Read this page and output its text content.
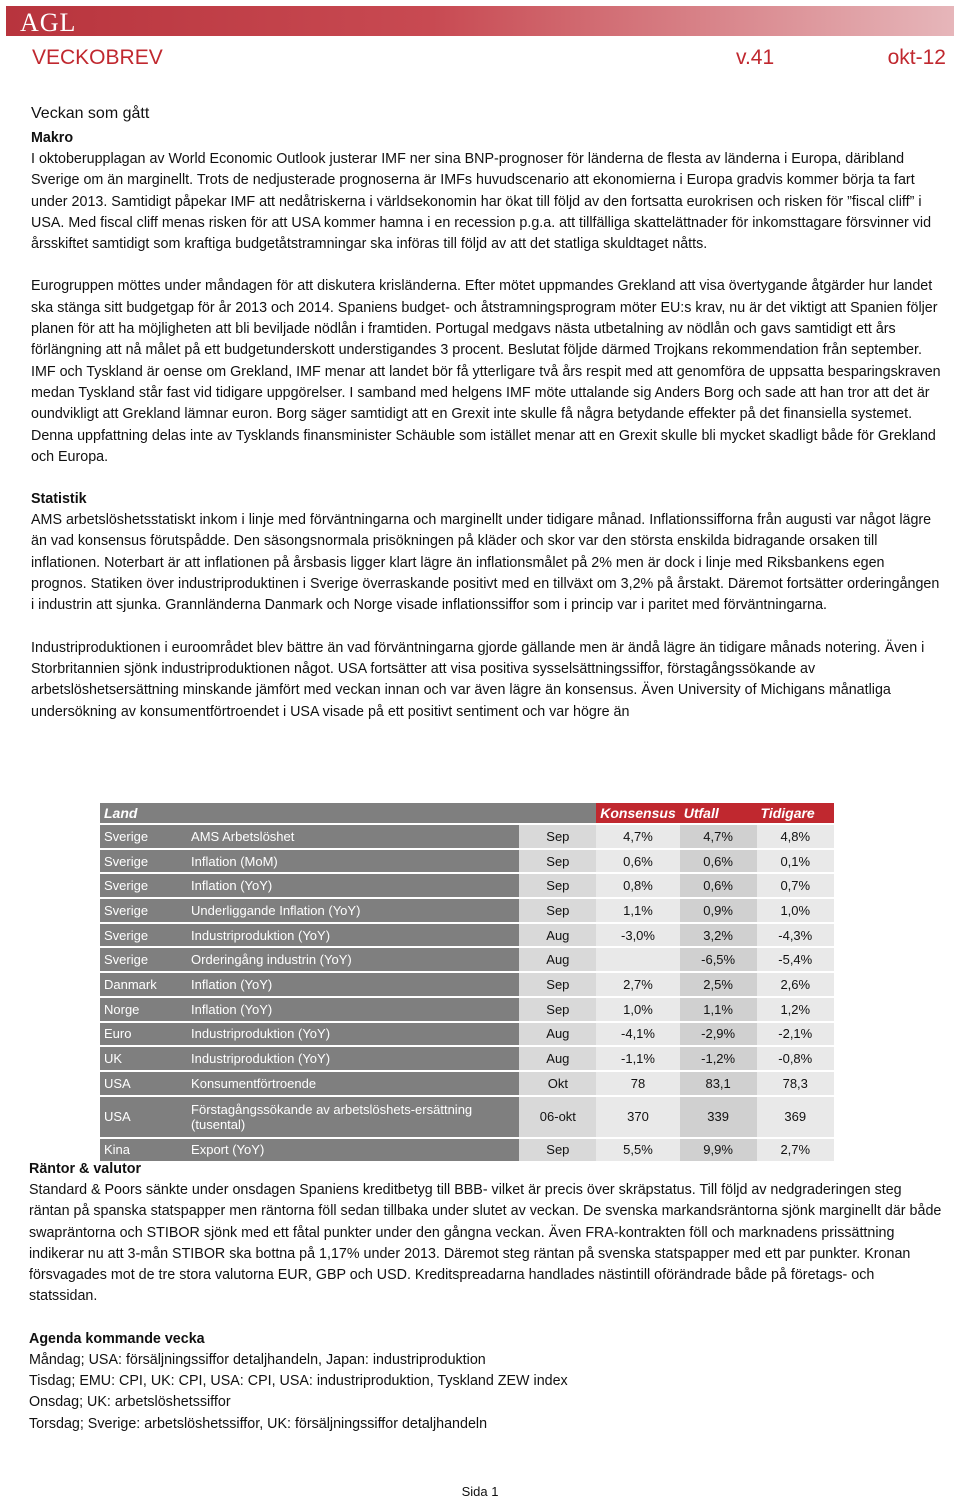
AGL
VECKOBREV	v.41	okt-12
Veckan som gått
Makro

I oktoberupplagan av World Economic Outlook justerar IMF ner sina BNP-prognoser för länderna de flesta av länderna i Europa, däribland Sverige om än marginellt. Trots de nedjusterade prognoserna är IMFs huvudscenario att ekonomierna i Europa gradvis kommer börja ta fart under 2013. Samtidigt påpekar IMF att nedåtriskerna i världsekonomin har ökat till följd av den fortsatta eurokrisen och risken för ”fiscal cliff” i USA. Med fiscal cliff menas risken för att USA kommer hamna i en recession p.g.a. att tillfälliga skattelättnader för inkomsttagare försvinner vid årsskiftet samtidigt som kraftiga budgetåtstramningar ska införas till följd av att det statliga skuldtaget nåtts.

Eurogruppen möttes under måndagen för att diskutera krisländerna. Efter mötet uppmandes Grekland att visa övertygande åtgärder hur landet ska stänga sitt budgetgap för år 2013 och 2014. Spaniens budget- och åtstramningsprogram möter EU:s krav, nu är det viktigt att Spanien följer planen för att ha möjligheten att bli beviljade nödlån i framtiden. Portugal medgavs nästa utbetalning av nödlån och gavs samtidigt ett års förlängning att nå målet på ett budgetunderskott understigandes 3 procent. Beslutat följde därmed Trojkans rekommendation från september. IMF och Tyskland är oense om Grekland, IMF menar att landet bör få ytterligare två års respit med att genomföra de uppsatta besparingskraven medan Tyskland står fast vid tidigare uppgörelser. I samband med helgens IMF möte uttalande sig Anders Borg och sade att han tror att det är oundvikligt att Grekland lämnar euron. Borg säger samtidigt att en Grexit inte skulle få några betydande effekter på det finansiella systemet. Denna uppfattning delas inte av Tysklands finansminister Schäuble som istället menar att en Grexit skulle bli mycket skadligt både för Grekland och Europa.

Statistik

AMS arbetslöshetsstatiskt inkom i linje med förväntningarna och marginellt under tidigare månad. Inflationssifforna från augusti var något lägre än vad konsensus förutspådde. Den säsongsnormala prisökningen på kläder och skor var den största enskilda bidragande orsaken till inflationen. Noterbart är att inflationen på årsbasis ligger klart lägre än inflationsmålet på 2% men är dock i linje med Riksbankens egen prognos. Statiken över industriproduktinen i Sverige överraskande positivt med en tillväxt om 3,2% på årstakt. Däremot fortsätter orderingången i industrin att sjunka. Grannländerna Danmark och Norge visade inflationssiffor som i princip var i paritet med förväntningarna.

Industriproduktionen i euroområdet blev bättre än vad förväntningarna gjorde gällande men är ändå lägre än tidigare månads notering. Även i Storbritannien sjönk industriproduktionen något. USA fortsätter att visa positiva sysselsättningssiffor, förstagångssökande av arbetslöshetsersättning minskande jämfört med veckan innan och var även lägre än konsensus. Även University of Michigans månatliga undersökning av konsumentförtroendet i USA visade på ett positivt sentiment och var högre än

Land			Konsensus	Utfall	Tidigare
Sverige	AMS Arbetslöshet	Sep	4,7%	4,7%	4,8%
Sverige	Inflation (MoM)	Sep	0,6%	0,6%	0,1%
Sverige	Inflation (YoY)	Sep	0,8%	0,6%	0,7%
Sverige	Underliggande Inflation (YoY)	Sep	1,1%	0,9%	1,0%
Sverige	Industriproduktion (YoY)	Aug	-3,0%	3,2%	-4,3%
Sverige	Orderingång industrin (YoY)	Aug		-6,5%	-5,4%
Danmark	Inflation (YoY)	Sep	2,7%	2,5%	2,6%
Norge	Inflation (YoY)	Sep	1,0%	1,1%	1,2%
Euro	Industriproduktion (YoY)	Aug	-4,1%	-2,9%	-2,1%
UK	Industriproduktion (YoY)	Aug	-1,1%	-1,2%	-0,8%
USA	Konsumentförtroende	Okt	78	83,1	78,3
USA	Förstagångssökande av arbetslöshets-ersättning (tusental)	06-okt	370	339	369
Kina	Export (YoY)	Sep	5,5%	9,9%	2,7%
Räntor & valutor

Standard & Poors sänkte under onsdagen Spaniens kreditbetyg till BBB- vilket är precis över skräpstatus. Till följd av nedgraderingen steg räntan på spanska statspapper men räntorna föll sedan tillbaka under slutet av veckan. De svenska markandsräntorna sjönk marginellt där både swapräntorna och STIBOR sjönk med ett fåtal punkter under den gångna veckan. Även FRA-kontrakten föll och marknadens prissättning indikerar nu att 3-mån STIBOR ska bottna på 1,17% under 2013. Däremot steg räntan på svenska statspapper med ett par punkter. Kronan försvagades mot de tre stora valutorna EUR, GBP och USD. Kreditspreadarna handlades nästintill oförändrade både på företags- och statssidan.

Agenda kommande vecka

Måndag; USA: försäljningssiffor detaljhandeln, Japan: industriproduktion

Tisdag; EMU: CPI, UK: CPI, USA: CPI, USA: industriproduktion, Tyskland ZEW index

Onsdag; UK: arbetslöshetssiffor

Torsdag; Sverige: arbetslöshetssiffor, UK: försäljningssiffor detaljhandeln

Sida 1
